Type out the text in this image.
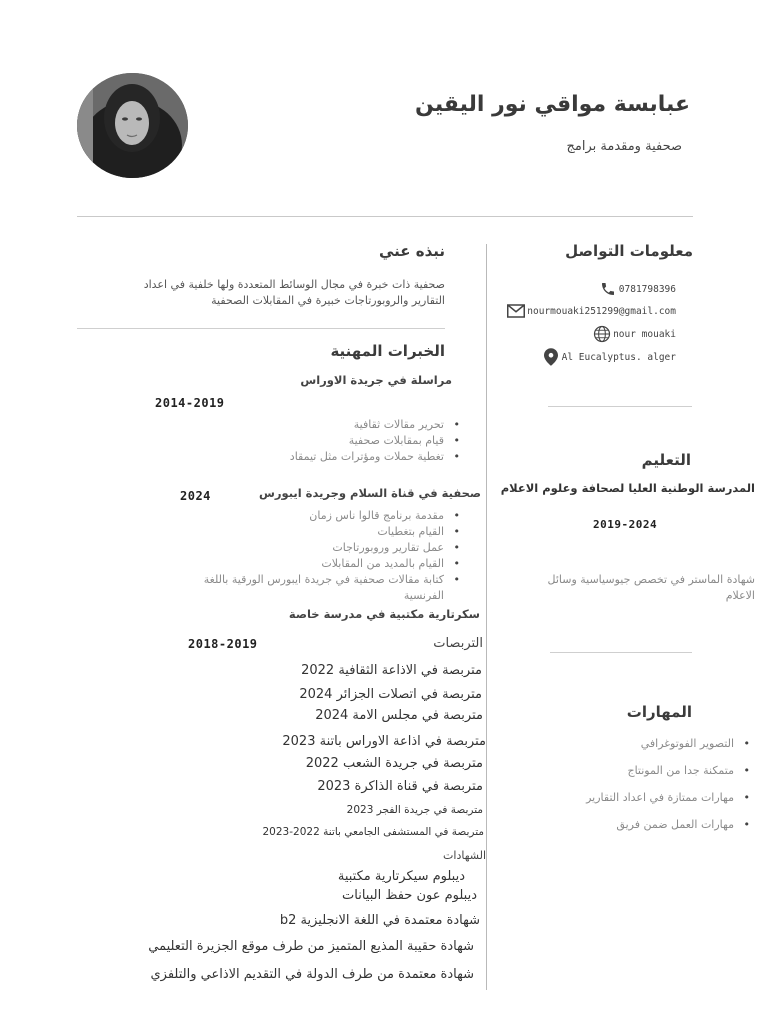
عبابسة مواقي نور اليقين
صحفية ومقدمة برامج
معلومات التواصل
0781798396
nourmouaki251299@gmail.com
nour mouaki
Al Eucalyptus. alger
التعليم
المدرسة الوطنية العليا لصحافة وعلوم الاعلام
2019-2024
شهادة الماستر في تخصص جيوسياسية وسائل
الاعلام
المهارات
• التصوير الفوتوغرافي
• متمكنة جدا من المونتاج
• مهارات ممتازة في اعداد التقارير
• مهارات العمل ضمن فريق
نبذه عني
صحفية ذات خبرة في مجال الوسائط المتعددة ولها خلفية في اعداد
التقارير والروبورتاجات خبيرة في المقابلات الصحفية
الخبرات المهنية
مراسلة في جريدة الاوراس
2014-2019
• تحرير مقالات ثقافية
• قيام بمقابلات صحفية
• تغطية حملات ومؤترات مثل تيمقاد
صحفية في قناة السلام وجريدة ايبورس
2024
• مقدمة برنامج قالوا ناس زمان
• القيام بتغطيات
• عمل تقارير وروبورتاجات
• القيام بالمديد من المقابلات
• كتابة مقالات صحفية في جريدة ايبورس الورقية باللغة
الفرنسية
سكرتارية مكتبية في مدرسة خاصة
2018-2019	التربصات
متربصة في الاذاعة الثقافية 2022
متربصة في اتصلات الجزائر 2024
متربصة في مجلس الامة 2024
متربصة في اذاعة الاوراس باتنة 2023
متربصة في جريدة الشعب 2022
متربصة في قناة الذاكرة 2023
متربصة في جريدة الفجر 2023
متربصة في المستشفى الجامعي باتنة 2022-2023
الشهادات
ديبلوم سيكرتارية مكتبية
ديبلوم عون حفظ البيانات
شهادة معتمدة في اللغة الانجليزية b2
شهادة حقيبة المذيع المتميز من طرف موقع الجزيرة التعليمي
شهادة معتمدة من طرف الدولة في التقديم الاذاعي والتلفزي
